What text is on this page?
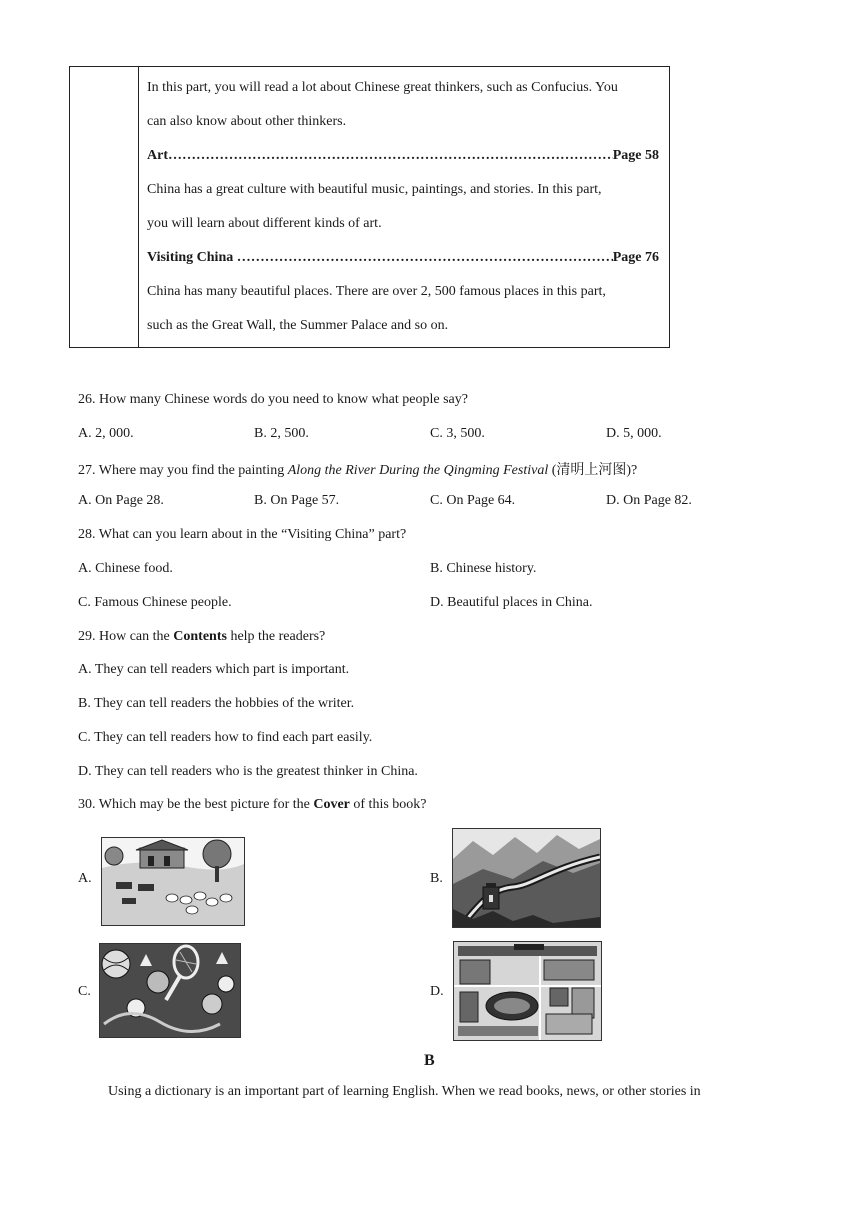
In this part, you will read a lot about Chinese great thinkers, such as Confucius. You
can also know about other thinkers.
Art ……………………………………………………………………………………………………………………………………………	Page 58
China has a great culture with beautiful music, paintings, and stories. In this part,
you will learn about different kinds of art.
Visiting China ……………………………………………………………………………………………………………………………………………	Page 76
China has many beautiful places. There are over 2, 500 famous places in this part,
such as the Great Wall, the Summer Palace and so on.
26. How many Chinese words do you need to know what people say?
A. 2, 000.	B. 2, 500.	C. 3, 500.	D. 5, 000.
27. Where may you find the painting Along the River During the Qingming Festival (清明上河图)?
A. On Page 28.	B. On Page 57.	C. On Page 64.	D. On Page 82.
28. What can you learn about in the “Visiting China” part?
A. Chinese food.	B. Chinese history.
C. Famous Chinese people.	D. Beautiful places in China.
29. How can the Contents help the readers?
A. They can tell readers which part is important.
B. They can tell readers the hobbies of the writer.
C. They can tell readers how to find each part easily.
D. They can tell readers who is the greatest thinker in China.
30. Which may be the best picture for the Cover of this book?
A.	B.
C.	D.
B
Using a dictionary is an important part of learning English. When we read books, news, or other stories in
